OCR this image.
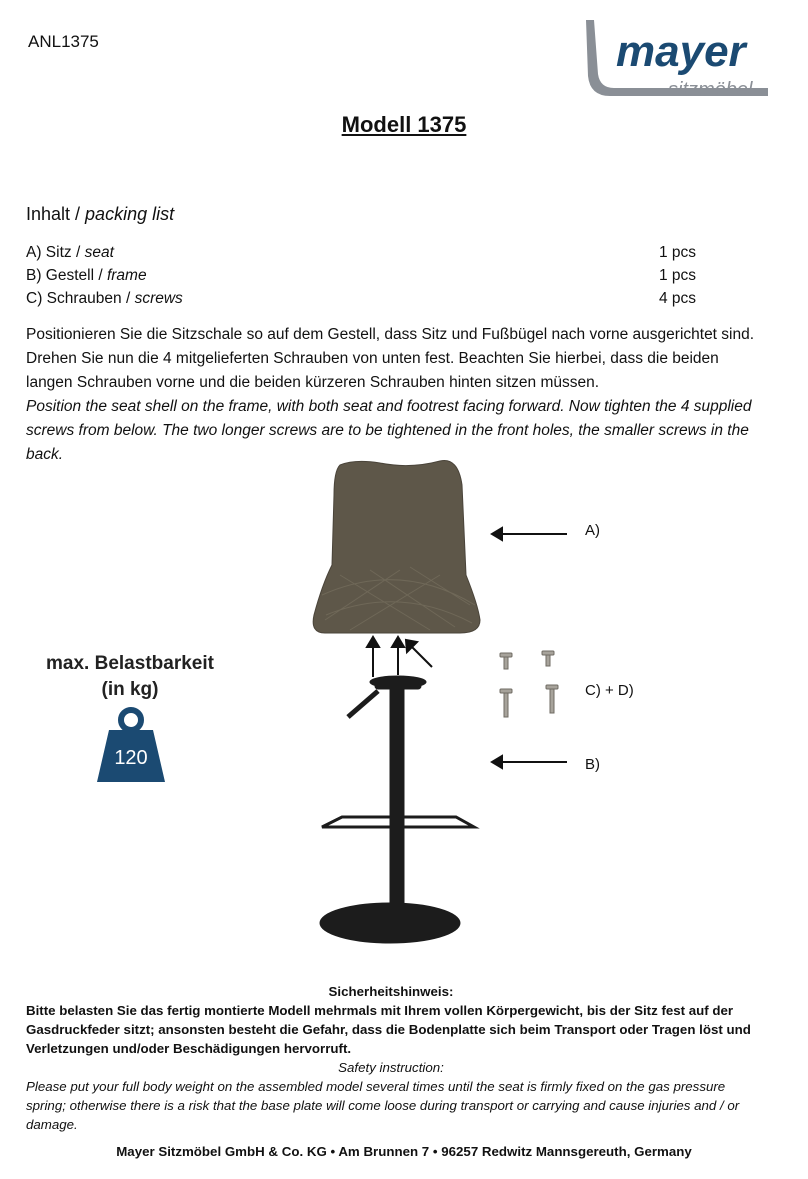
ANL1375	mayer
sitzmöbel
Modell 1375
Inhalt / packing list
A) Sitz / seat	1 pcs
B) Gestell / frame	1 pcs
C) Schrauben / screws	4 pcs
Positionieren Sie die Sitzschale so auf dem Gestell, dass Sitz und Fußbügel nach vorne ausgerichtet sind. Drehen Sie nun die 4 mitgelieferten Schrauben von unten fest. Beachten Sie hierbei, dass die beiden langen Schrauben vorne und die beiden kürzeren Schrauben hinten sitzen müssen.
Position the seat shell on the frame, with both seat and footrest facing forward. Now tighten the 4 supplied screws from below. The two longer screws are to be tightened in the front holes, the smaller screws in the back.
A)
C) + D)
B)
max. Belastbarkeit
(in kg)
120
Sicherheitshinweis:
Bitte belasten Sie das fertig montierte Modell mehrmals mit Ihrem vollen Körpergewicht, bis der Sitz fest auf der Gasdruckfeder sitzt; ansonsten besteht die Gefahr, dass die Bodenplatte sich beim Transport oder Tragen löst und Verletzungen und/oder Beschädigungen hervorruft.
Safety instruction:
Please put your full body weight on the assembled model several times until the seat is firmly fixed on the gas pressure spring; otherwise there is a risk that the base plate will come loose during transport or carrying and cause injuries and / or damage.
Mayer Sitzmöbel GmbH & Co. KG • Am Brunnen 7 • 96257 Redwitz Mannsgereuth, Germany
